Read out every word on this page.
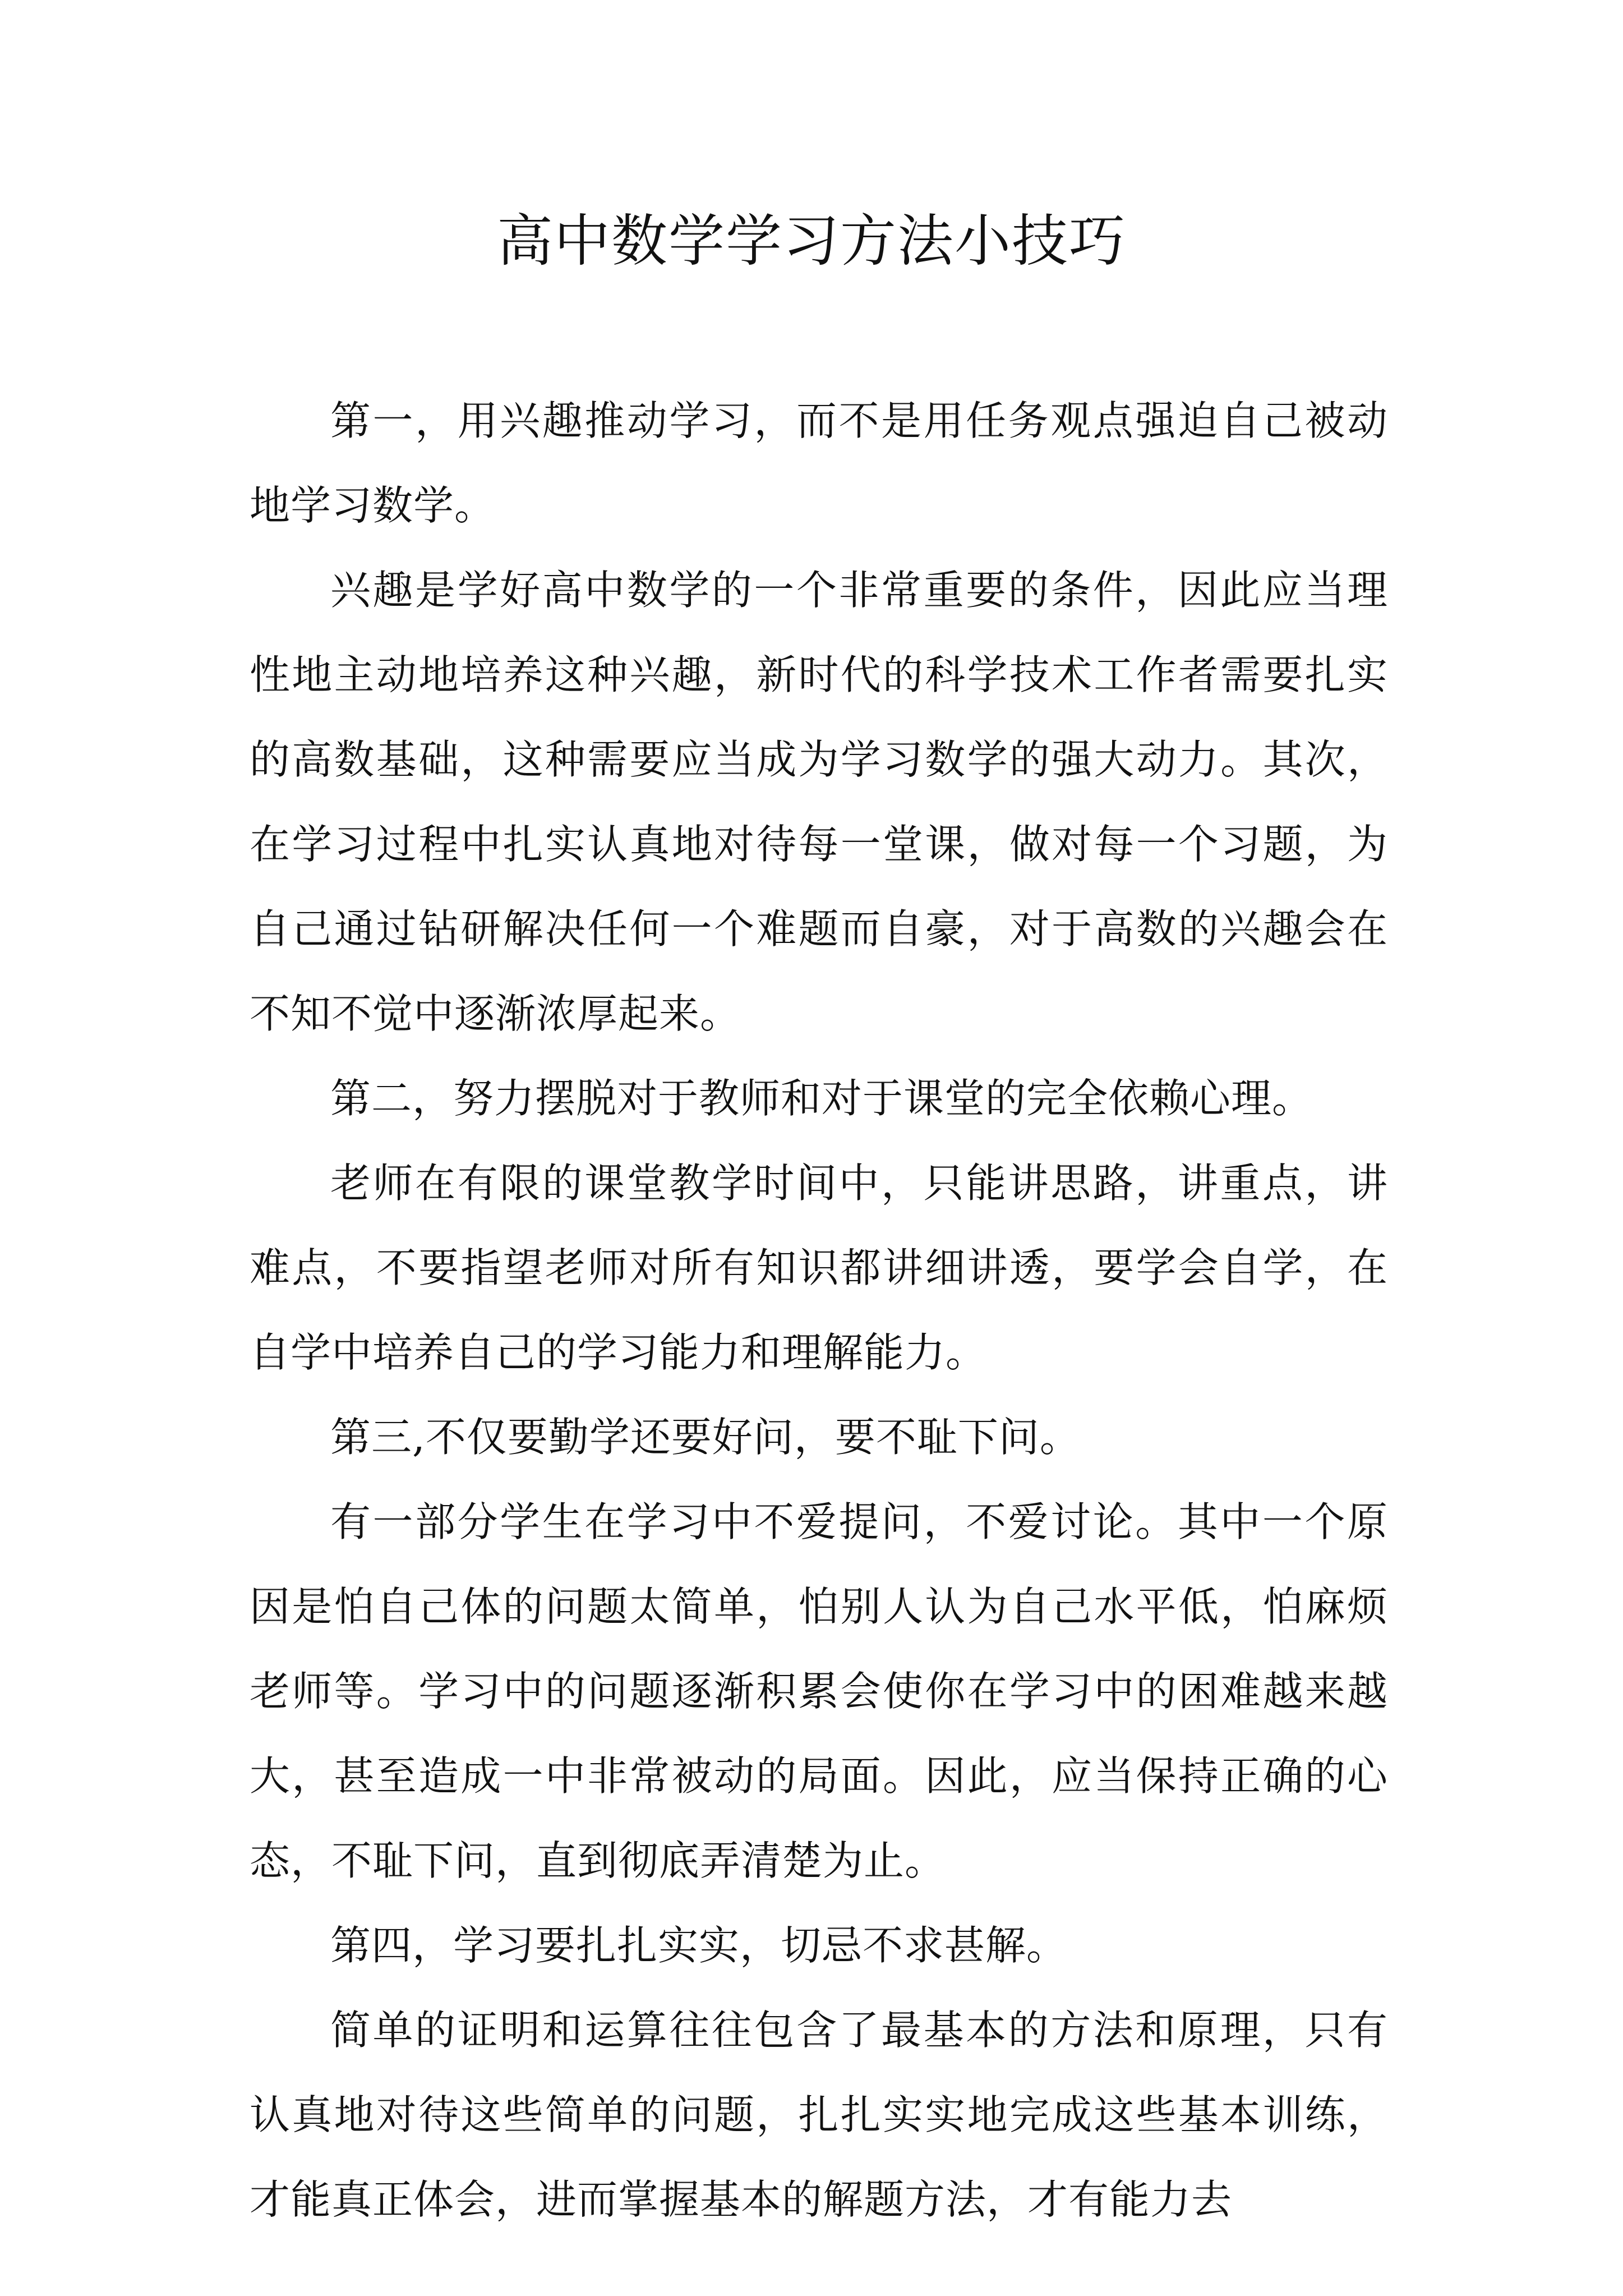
高中数学学习方法小技巧

第一，用兴趣推动学习，而不是用任务观点强迫自己被动地学习数学。

兴趣是学好高中数学的一个非常重要的条件，因此应当理性地主动地培养这种兴趣，新时代的科学技术工作者需要扎实的高数基础，这种需要应当成为学习数学的强大动力。其次，在学习过程中扎实认真地对待每一堂课，做对每一个习题，为自己通过钻研解决任何一个难题而自豪，对于高数的兴趣会在不知不觉中逐渐浓厚起来。

第二，努力摆脱对于教师和对于课堂的完全依赖心理。

老师在有限的课堂教学时间中，只能讲思路，讲重点，讲难点，不要指望老师对所有知识都讲细讲透，要学会自学，在自学中培养自己的学习能力和理解能力。

第三,不仅要勤学还要好问，要不耻下问。

有一部分学生在学习中不爱提问，不爱讨论。其中一个原因是怕自己体的问题太简单，怕别人认为自己水平低，怕麻烦老师等。学习中的问题逐渐积累会使你在学习中的困难越来越大，甚至造成一中非常被动的局面。因此，应当保持正确的心态，不耻下问，直到彻底弄清楚为止。

第四，学习要扎扎实实，切忌不求甚解。

简单的证明和运算往往包含了最基本的方法和原理，只有认真地对待这些简单的问题，扎扎实实地完成这些基本训练，才能真正体会，进而掌握基本的解题方法，才有能力去
